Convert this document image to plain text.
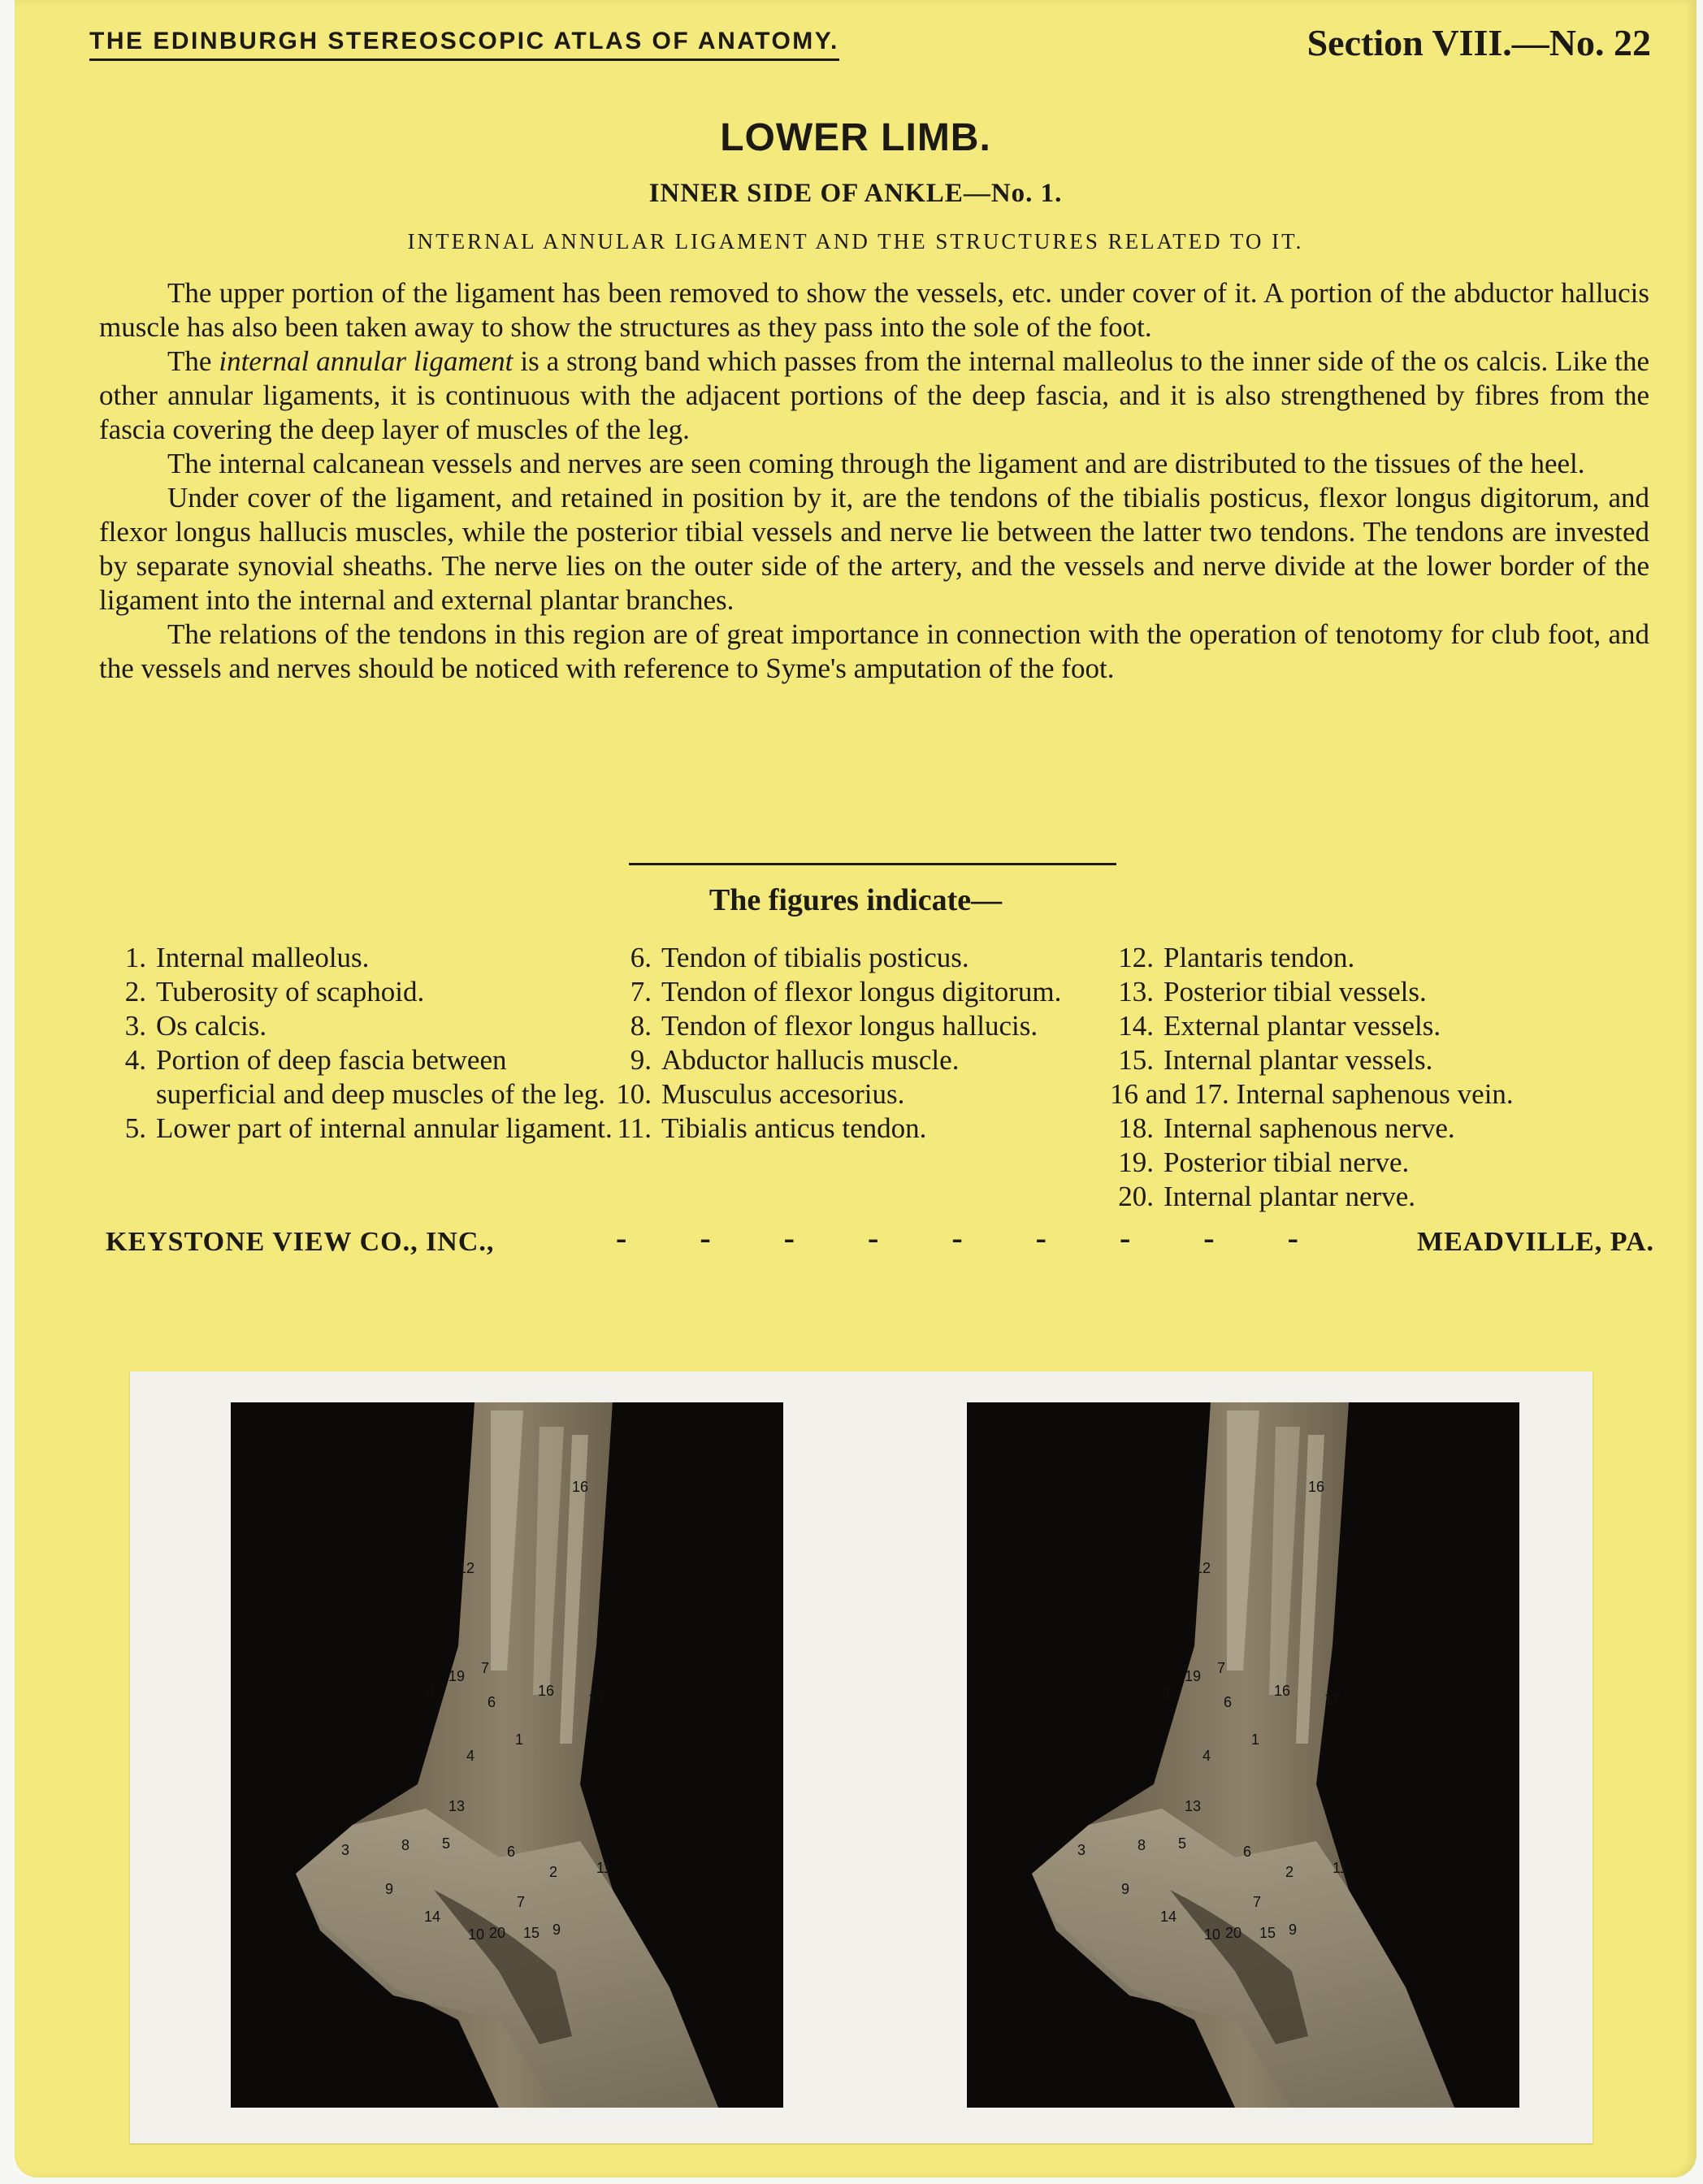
THE EDINBURGH STEREOSCOPIC ATLAS OF ANATOMY.	Section VIII.—No. 22
LOWER LIMB.
INNER SIDE OF ANKLE—No. 1.
INTERNAL ANNULAR LIGAMENT AND THE STRUCTURES RELATED TO IT.

The upper portion of the ligament has been removed to show the vessels, etc. under cover of it. A portion of the abductor hallucis muscle has also been taken away to show the structures as they pass into the sole of the foot.

The internal annular ligament is a strong band which passes from the internal malleolus to the inner side of the os calcis. Like the other annular ligaments, it is continuous with the adjacent portions of the deep fascia, and it is also strengthened by fibres from the fascia covering the deep layer of muscles of the leg.

The internal calcanean vessels and nerves are seen coming through the ligament and are distributed to the tissues of the heel.

Under cover of the ligament, and retained in position by it, are the tendons of the tibialis posticus, flexor longus digitorum, and flexor longus hallucis muscles, while the posterior tibial vessels and nerve lie between the latter two tendons. The tendons are invested by separate synovial sheaths. The nerve lies on the outer side of the artery, and the vessels and nerve divide at the lower border of the ligament into the internal and external plantar branches.

The relations of the tendons in this region are of great importance in connection with the operation of tenotomy for club foot, and the vessels and nerves should be noticed with reference to Syme's amputation of the foot.

The figures indicate—
1. Internal malleolus.
2. Tuberosity of scaphoid.
3. Os calcis.
4. Portion of deep fascia between superficial and deep muscles of the leg.
5. Lower part of internal annular ligament.
6. Tendon of tibialis posticus.
7. Tendon of flexor longus digitorum.
8. Tendon of flexor longus hallucis.
9. Abductor hallucis muscle.
10. Musculus accesorius.
11. Tibialis anticus tendon.
12. Plantaris tendon.
13. Posterior tibial vessels.
14. External plantar vessels.
15. Internal plantar vessels.
16 and 17. Internal saphenous vein.
18. Internal saphenous nerve.
19. Posterior tibial nerve.
20. Internal plantar nerve.
KEYSTONE VIEW CO., INC.,	- - - - - - - - -	MEADVILLE, PA.
16
12
19 7
8
6
16 17
1
4
13
3	8 5	6
2	11
9
7
14
10 20 15 9
16
12
19 7
8
6
16 17
1
4
13
3	8 5	6
2	11
9
7
14
10 20 15 9
